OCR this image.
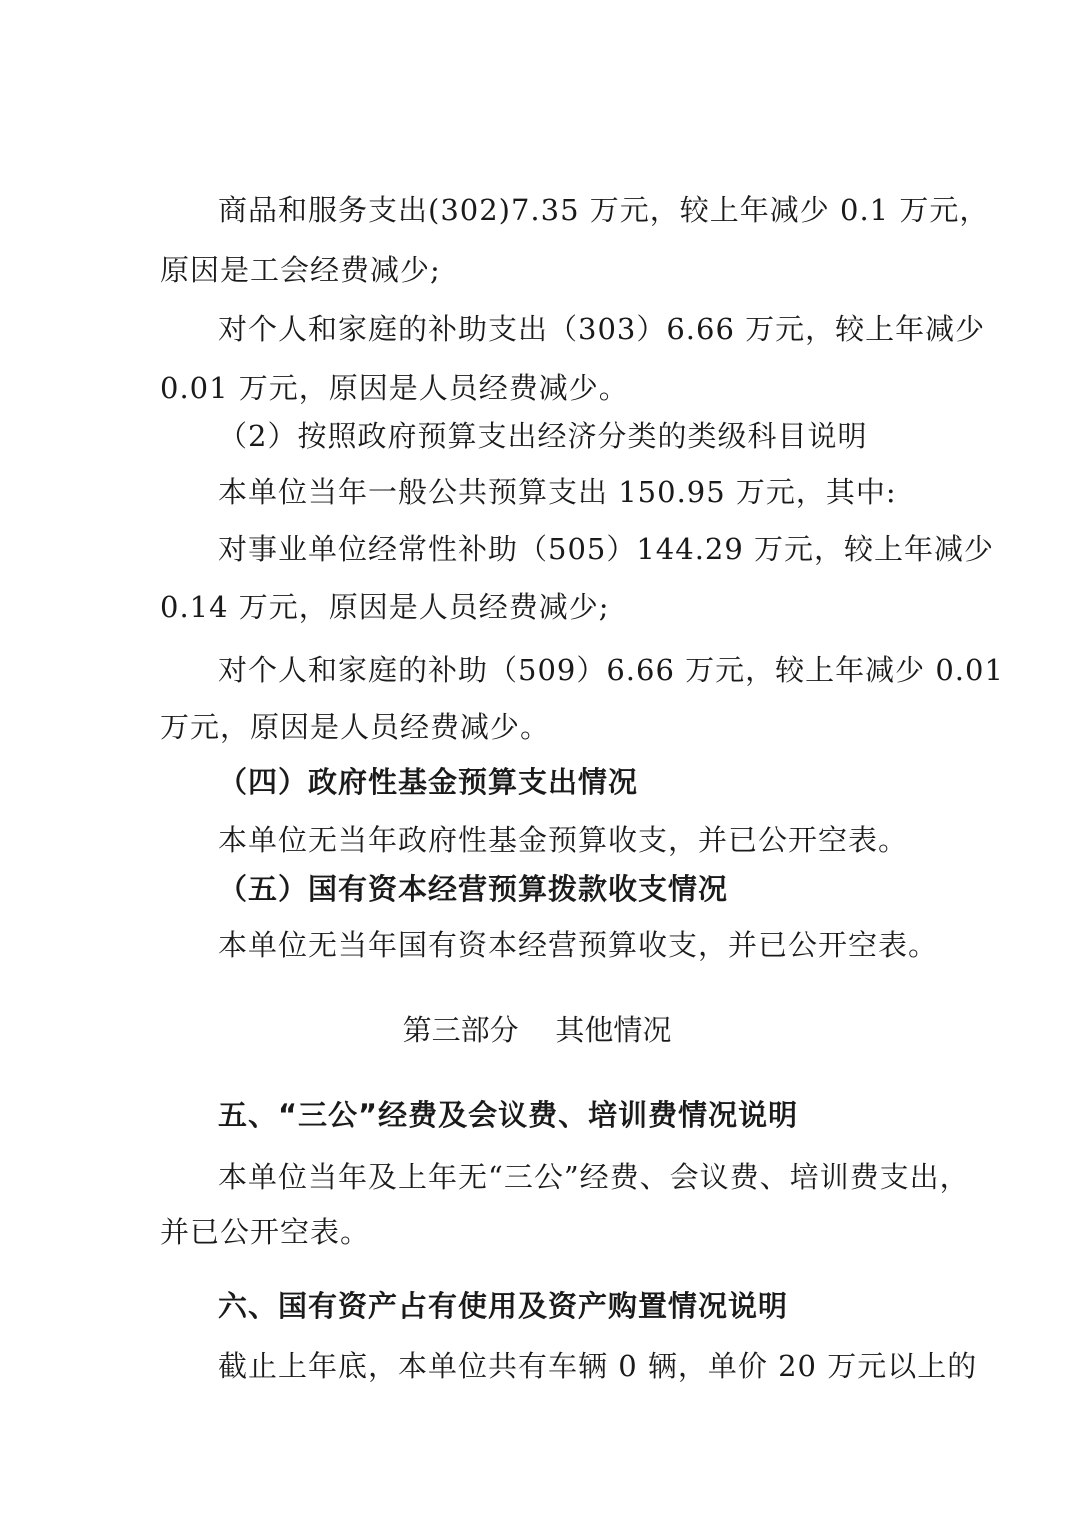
商品和服务支出(302)7.35 万元，较上年减少 0.1 万元，
原因是工会经费减少;
对个人和家庭的补助支出（303）6.66 万元，较上年减少
0.01 万元，原因是人员经费减少。
（2）按照政府预算支出经济分类的类级科目说明
本单位当年一般公共预算支出 150.95 万元，其中:
对事业单位经常性补助（505）144.29 万元，较上年减少
0.14 万元，原因是人员经费减少;
对个人和家庭的补助（509）6.66 万元，较上年减少 0.01
万元，原因是人员经费减少。
（四）政府性基金预算支出情况
本单位无当年政府性基金预算收支，并已公开空表。
（五）国有资本经营预算拨款收支情况
本单位无当年国有资本经营预算收支，并已公开空表。
第三部分    其他情况
五、“三公”经费及会议费、培训费情况说明
本单位当年及上年无“三公”经费、会议费、培训费支出，
并已公开空表。
六、国有资产占有使用及资产购置情况说明
截止上年底，本单位共有车辆 0 辆，单价 20 万元以上的
